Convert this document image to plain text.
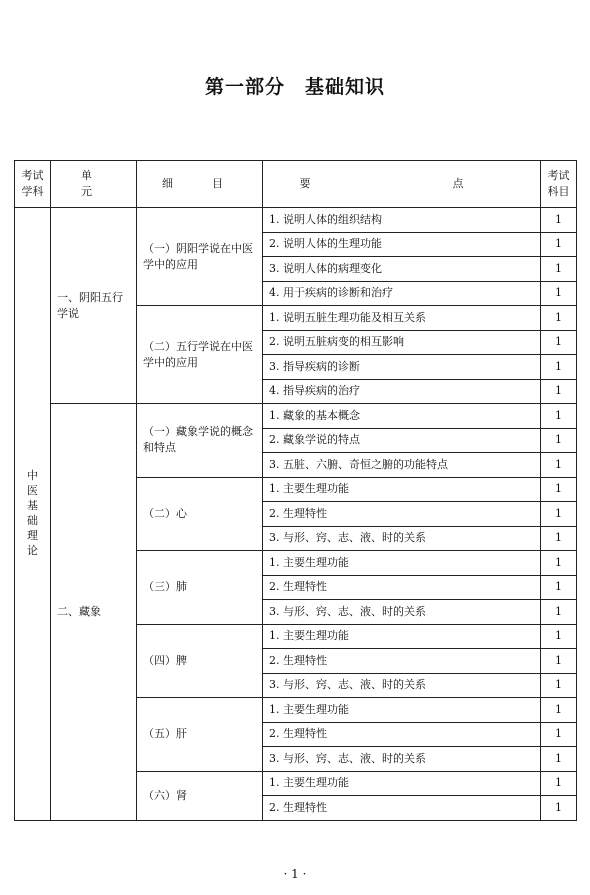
第一部分　基础知识
考试学科	单　元	细　目	要　　点	考试科目
中医基础理论	一、阴阳五行学说	（一）阴阳学说在中医学中的应用	1. 说明人体的组织结构	1
			2. 说明人体的生理功能	1
			3. 说明人体的病理变化	1
			4. 用于疾病的诊断和治疗	1
		（二）五行学说在中医学中的应用	1. 说明五脏生理功能及相互关系	1
			2. 说明五脏病变的相互影响	1
			3. 指导疾病的诊断	1
			4. 指导疾病的治疗	1
	二、藏象	（一）藏象学说的概念和特点	1. 藏象的基本概念	1
			2. 藏象学说的特点	1
			3. 五脏、六腑、奇恒之腑的功能特点	1
		（二）心	1. 主要生理功能	1
			2. 生理特性	1
			3. 与形、窍、志、液、时的关系	1
		（三）肺	1. 主要生理功能	1
			2. 生理特性	1
			3. 与形、窍、志、液、时的关系	1
		（四）脾	1. 主要生理功能	1
			2. 生理特性	1
			3. 与形、窍、志、液、时的关系	1
		（五）肝	1. 主要生理功能	1
			2. 生理特性	1
			3. 与形、窍、志、液、时的关系	1
		（六）肾	1. 主要生理功能	1
			2. 生理特性	1
· 1 ·
